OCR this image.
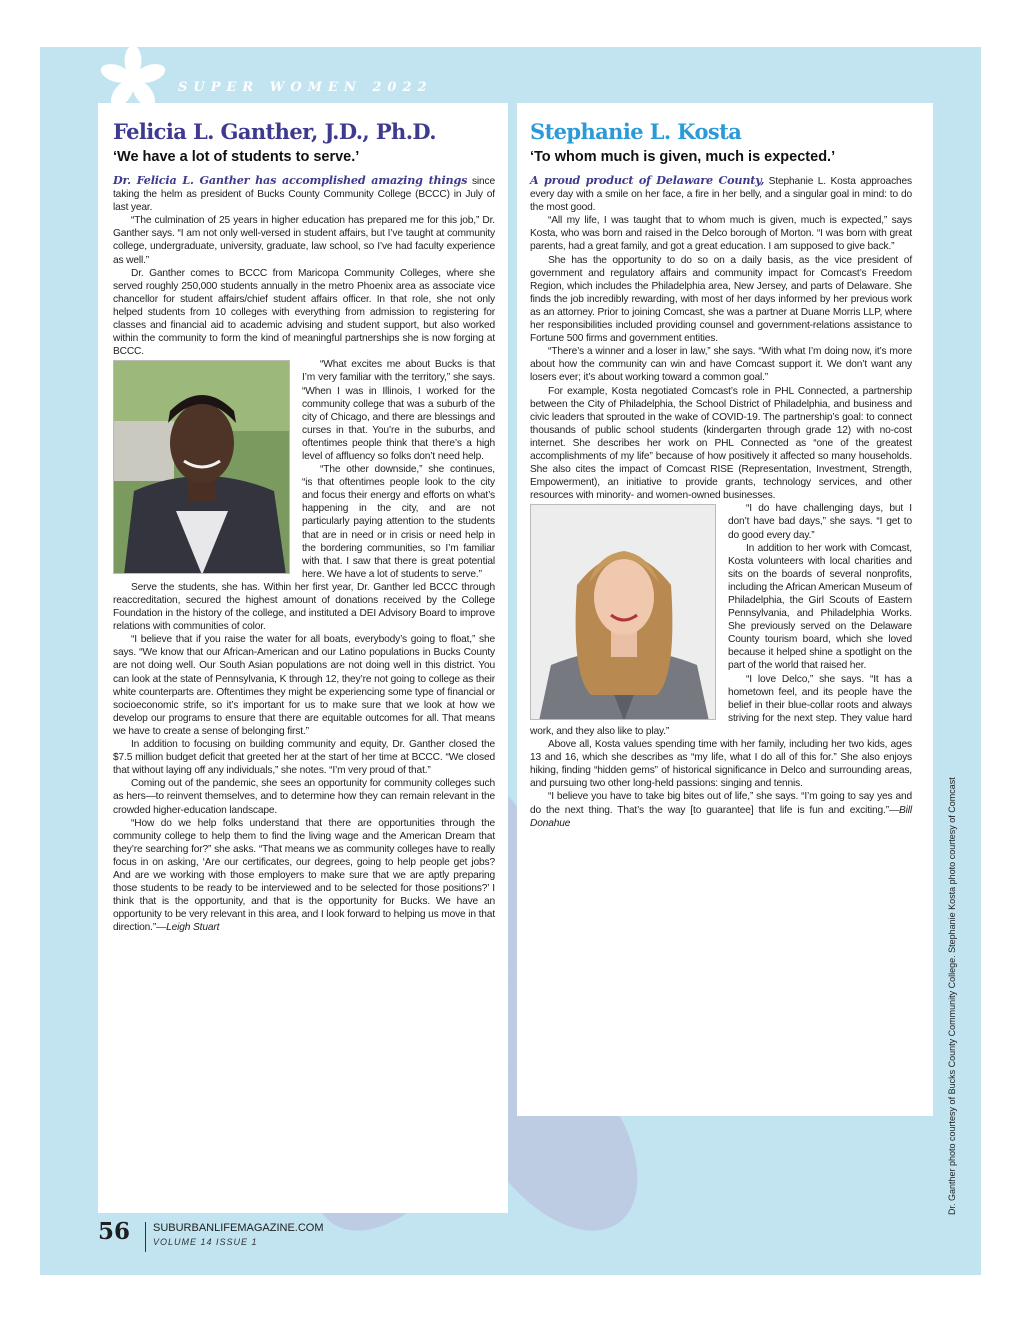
SUPER WOMEN 2022
Felicia L. Ganther, J.D., Ph.D.
‘We have a lot of students to serve.’

Dr. Felicia L. Ganther has accomplished amazing things since taking the helm as president of Bucks County Community College (BCCC) in July of last year.

“The culmination of 25 years in higher education has prepared me for this job,” Dr. Ganther says. “I am not only well-versed in student affairs, but I’ve taught at community college, undergraduate, university, graduate, law school, so I’ve had faculty experience as well.”

Dr. Ganther comes to BCCC from Maricopa Community Colleges, where she served roughly 250,000 students annually in the metro Phoenix area as associate vice chancellor for student affairs/chief student affairs officer. In that role, she not only helped students from 10 colleges with everything from admission to registering for classes and financial aid to academic advising and student support, but also worked within the community to form the kind of meaningful partnerships she is now forging at BCCC.

“What excites me about Bucks is that I’m very familiar with the territory,” she says. “When I was in Illinois, I worked for the community college that was a suburb of the city of Chicago, and there are blessings and curses in that. You’re in the suburbs, and oftentimes people think that there’s a high level of affluency so folks don’t need help.

“The other downside,” she continues, “is that oftentimes people look to the city and focus their energy and efforts on what’s happening in the city, and are not particularly paying attention to the students that are in need or in crisis or need help in the bordering communities, so I’m familiar with that. I saw that there is great potential here. We have a lot of students to serve.”

Serve the students, she has. Within her first year, Dr. Ganther led BCCC through reaccreditation, secured the highest amount of donations received by the College Foundation in the history of the college, and instituted a DEI Advisory Board to improve relations with communities of color.

“I believe that if you raise the water for all boats, everybody’s going to float,” she says. “We know that our African-American and our Latino populations in Bucks County are not doing well. Our South Asian populations are not doing well in this district. You can look at the state of Pennsylvania, K through 12, they’re not going to college as their white counterparts are. Oftentimes they might be experiencing some type of financial or socioeconomic strife, so it’s important for us to make sure that we look at how we develop our programs to ensure that there are equitable outcomes for all. That means we have to create a sense of belonging first.”

In addition to focusing on building community and equity, Dr. Ganther closed the $7.5 million budget deficit that greeted her at the start of her time at BCCC. “We closed that without laying off any individuals,” she notes. “I’m very proud of that.”

Coming out of the pandemic, she sees an opportunity for community colleges such as hers—to reinvent themselves, and to determine how they can remain relevant in the crowded higher-education landscape.

“How do we help folks understand that there are opportunities through the community college to help them to find the living wage and the American Dream that they’re searching for?” she asks. “That means we as community colleges have to really focus in on asking, ‘Are our certificates, our degrees, going to help people get jobs? And are we working with those employers to make sure that we are aptly preparing those students to be ready to be interviewed and to be selected for those positions?’ I think that is the opportunity, and that is the opportunity for Bucks. We have an opportunity to be very relevant in this area, and I look forward to helping us move in that direction.”—Leigh Stuart

Stephanie L. Kosta
‘To whom much is given, much is expected.’

A proud product of Delaware County, Stephanie L. Kosta approaches every day with a smile on her face, a fire in her belly, and a singular goal in mind: to do the most good.

“All my life, I was taught that to whom much is given, much is expected,” says Kosta, who was born and raised in the Delco borough of Morton. “I was born with great parents, had a great family, and got a great education. I am supposed to give back.”

She has the opportunity to do so on a daily basis, as the vice president of government and regulatory affairs and community impact for Comcast’s Freedom Region, which includes the Philadelphia area, New Jersey, and parts of Delaware. She finds the job incredibly rewarding, with most of her days informed by her previous work as an attorney. Prior to joining Comcast, she was a partner at Duane Morris LLP, where her responsibilities included providing counsel and government-relations assistance to Fortune 500 firms and government entities.

“There’s a winner and a loser in law,” she says. “With what I’m doing now, it’s more about how the community can win and have Comcast support it. We don’t want any losers ever; it’s about working toward a common goal.”

For example, Kosta negotiated Comcast’s role in PHL Connected, a partnership between the City of Philadelphia, the School District of Philadelphia, and business and civic leaders that sprouted in the wake of COVID-19. The partnership’s goal: to connect thousands of public school students (kindergarten through grade 12) with no-cost internet. She describes her work on PHL Connected as “one of the greatest accomplishments of my life” because of how positively it affected so many households. She also cites the impact of Comcast RISE (Representation, Investment, Strength, Empowerment), an initiative to provide grants, technology services, and other resources with minority- and women-owned businesses.

“I do have challenging days, but I don’t have bad days,” she says. “I get to do good every day.”

In addition to her work with Comcast, Kosta volunteers with local charities and sits on the boards of several nonprofits, including the African American Museum of Philadelphia, the Girl Scouts of Eastern Pennsylvania, and Philadelphia Works. She previously served on the Delaware County tourism board, which she loved because it helped shine a spotlight on the part of the world that raised her.

“I love Delco,” she says. “It has a hometown feel, and its people have the belief in their blue-collar roots and always striving for the next step. They value hard work, and they also like to play.”

Above all, Kosta values spending time with her family, including her two kids, ages 13 and 16, which she describes as “my life, what I do all of this for.” She also enjoys hiking, finding “hidden gems” of historical significance in Delco and surrounding areas, and pursuing two other long-held passions: singing and tennis.

“I believe you have to take big bites out of life,” she says. “I’m going to say yes and do the next thing. That’s the way [to guarantee] that life is fun and exciting.”—Bill Donahue

56 SUBURBANLIFEMAGAZINE.COM
VOLUME 14 ISSUE 1
Dr. Ganther photo courtesy of Bucks County Community College. Stephanie Kosta photo courtesy of Comcast
